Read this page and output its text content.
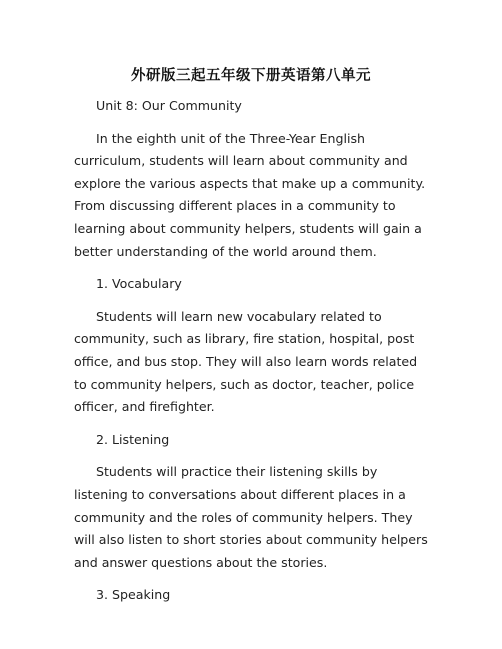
外研版三起五年级下册英语第八单元

Unit 8: Our Community

In the eighth unit of the Three-Year English curriculum, students will learn about community and explore the various aspects that make up a community. From discussing different places in a community to learning about community helpers, students will gain a better understanding of the world around them.

1. Vocabulary

Students will learn new vocabulary related to community, such as library, fire station, hospital, post office, and bus stop. They will also learn words related to community helpers, such as doctor, teacher, police officer, and firefighter.

2. Listening

Students will practice their listening skills by listening to conversations about different places in a community and the roles of community helpers. They will also listen to short stories about community helpers and answer questions about the stories.

3. Speaking
